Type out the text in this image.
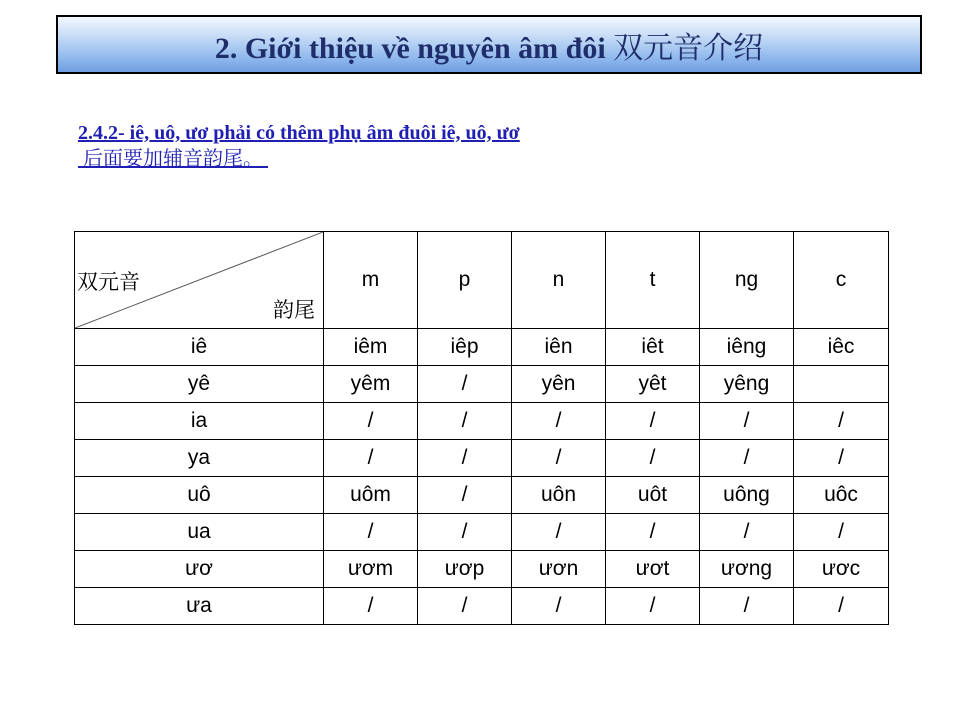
2. Giới thiệu về nguyên âm đôi 双元音介绍
2.4.2- iê, uô, ươ phải có thêm phụ âm đuôi iê, uô, ươ
后面要加辅音韵尾。
双元音
韵尾	m	p	n	t	ng	c
iê	iêm	iêp	iên	iêt	iêng	iêc
yê	yêm	/	yên	yêt	yêng	
ia	/	/	/	/	/	/
ya	/	/	/	/	/	/
uô	uôm	/	uôn	uôt	uông	uôc
ua	/	/	/	/	/	/
ươ	ươm	ươp	ươn	ươt	ương	ươc
ưa	/	/	/	/	/	/
